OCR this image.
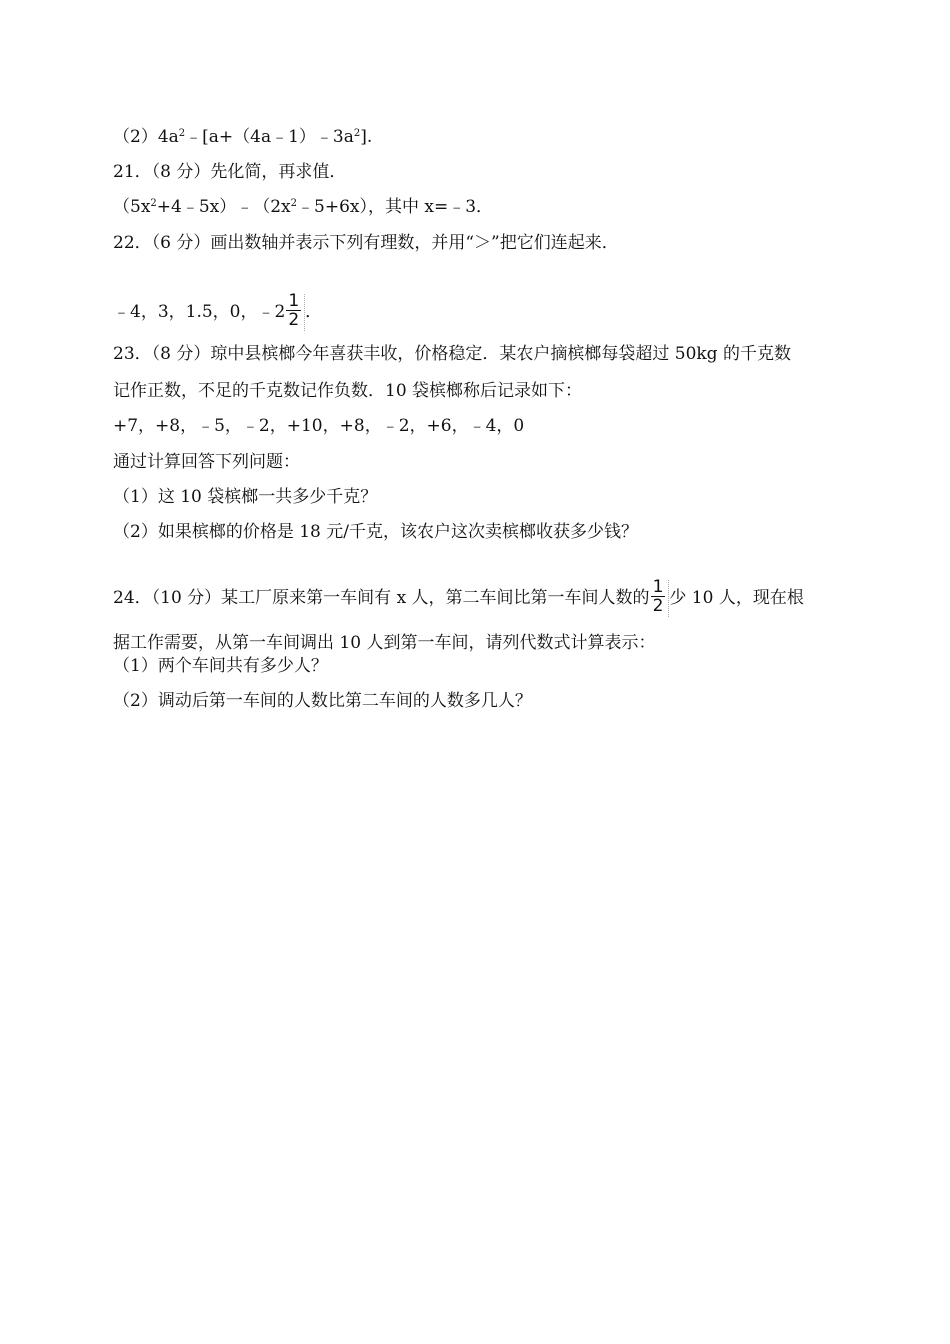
$(2)4a^2﹣[a+(4a﹣1)﹣3a^2]$.
21．（8 分）先化简，再求值．
$(5x^2+4﹣5x)﹣(2x^2﹣5+6x)$，其中 x=﹣3．
22．（6 分）画出数轴并表示下列有理数，并用“＞”把它们连起来．
﹣4，3，1.5，0，﹣2 $\frac{1}{2}$ ．
23．（8 分）琼中县槟榔今年喜获丰收，价格稳定．某农户摘槟榔每袋超过 50kg 的千克数
记作正数，不足的千克数记作负数．10 袋槟榔称后记录如下：
+7，+8，﹣5，﹣2，+10，+8，﹣2，+6，﹣4，0
通过计算回答下列问题：
（1）这 10 袋槟榔一共多少千克？
（2）如果槟榔的价格是 18 元/千克，该农户这次卖槟榔收获多少钱？
24．（10 分）某工厂原来第一车间有 x 人，第二车间比第一车间人数的 $\frac{1}{2}$ 少 10 人，现在根
据工作需要，从第一车间调出 10 人到第一车间，请列代数式计算表示：
（1）两个车间共有多少人？
（2）调动后第一车间的人数比第二车间的人数多几人？
